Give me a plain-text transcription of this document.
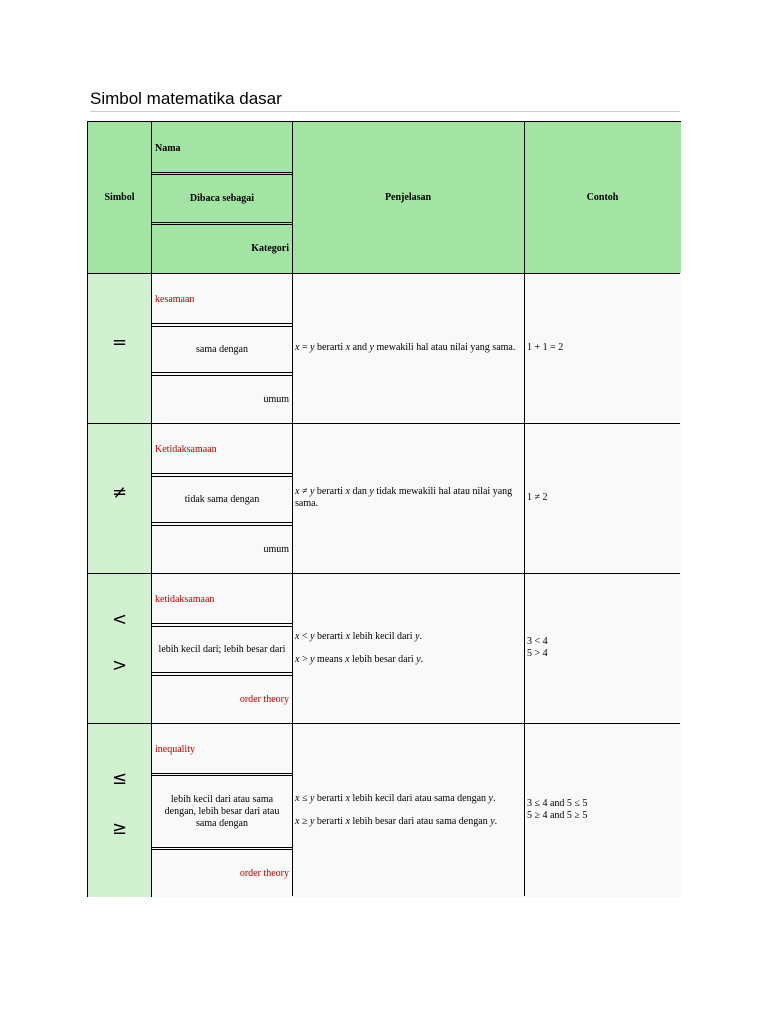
Simbol matematika dasar
Simbol
Nama
Dibaca sebagai
Kategori
Penjelasan	Contoh
=
kesamaan
sama dengan
umum

x = y berarti x and y mewakili hal atau nilai yang sama. 1 + 1 = 2
≠
Ketidaksamaan
tidak sama dengan
umum

x ≠ y berarti x dan y tidak mewakili hal atau nilai yang sama.

1 ≠ 2
<
>
ketidaksamaan
lebih kecil dari; lebih besar dari
order theory

x < y berarti x lebih kecil dari y.

x > y means x lebih besar dari y.

3 < 4
5 > 4
≤
≥
inequality
lebih kecil dari atau sama dengan, lebih besar dari atau sama dengan
order theory

x ≤ y berarti x lebih kecil dari atau sama dengan y.

x ≥ y berarti x lebih besar dari atau sama dengan y.

3 ≤ 4 and 5 ≤ 5
5 ≥ 4 and 5 ≥ 5
